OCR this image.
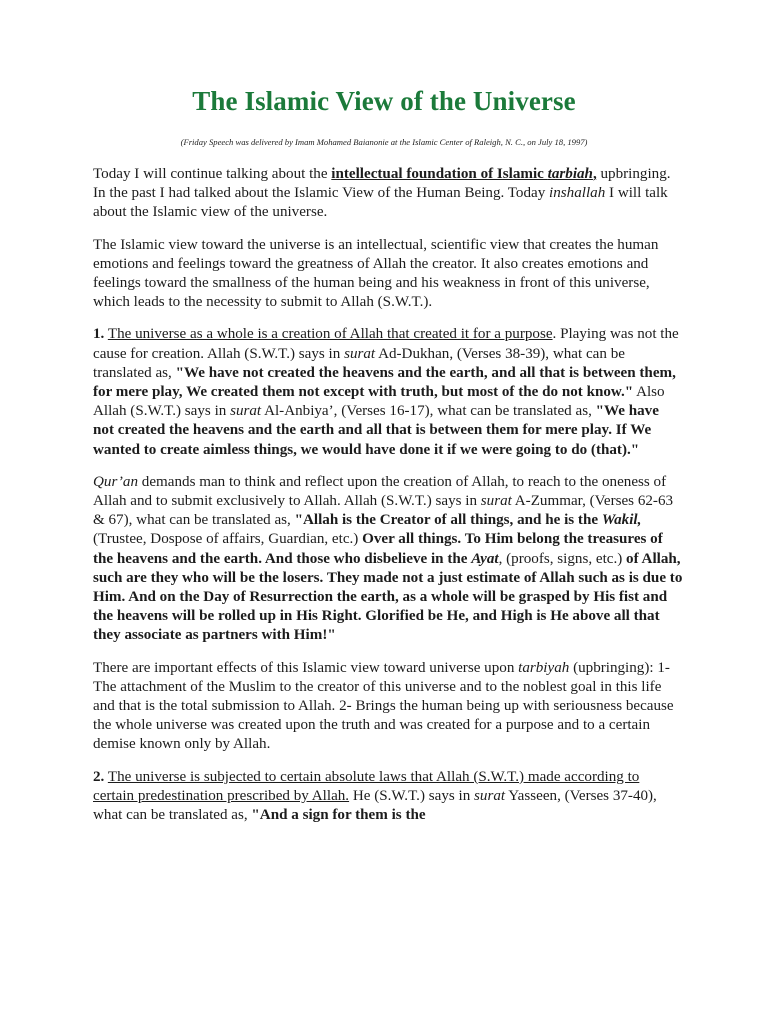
The Islamic View of the Universe
(Friday Speech was delivered by Imam Mohamed Baianonie at the Islamic Center of Raleigh, N. C., on July 18, 1997)

Today I will continue talking about the intellectual foundation of Islamic tarbiah, upbringing. In the past I had talked about the Islamic View of the Human Being. Today inshallah I will talk about the Islamic view of the universe.

The Islamic view toward the universe is an intellectual, scientific view that creates the human emotions and feelings toward the greatness of Allah the creator. It also creates emotions and feelings toward the smallness of the human being and his weakness in front of this universe, which leads to the necessity to submit to Allah (S.W.T.).

1. The universe as a whole is a creation of Allah that created it for a purpose. Playing was not the cause for creation. Allah (S.W.T.) says in surat Ad-Dukhan, (Verses 38-39), what can be translated as, "We have not created the heavens and the earth, and all that is between them, for mere play, We created them not except with truth, but most of the do not know." Also Allah (S.W.T.) says in surat Al-Anbiya’, (Verses 16-17), what can be translated as, "We have not created the heavens and the earth and all that is between them for mere play. If We wanted to create aimless things, we would have done it if we were going to do (that)."

Qur’an demands man to think and reflect upon the creation of Allah, to reach to the oneness of Allah and to submit exclusively to Allah. Allah (S.W.T.) says in surat A-Zummar, (Verses 62-63 & 67), what can be translated as, "Allah is the Creator of all things, and he is the Wakil, (Trustee, Dospose of affairs, Guardian, etc.) Over all things. To Him belong the treasures of the heavens and the earth. And those who disbelieve in the Ayat, (proofs, signs, etc.) of Allah, such are they who will be the losers. They made not a just estimate of Allah such as is due to Him. And on the Day of Resurrection the earth, as a whole will be grasped by His fist and the heavens will be rolled up in His Right. Glorified be He, and High is He above all that they associate as partners with Him!"

There are important effects of this Islamic view toward universe upon tarbiyah (upbringing): 1- The attachment of the Muslim to the creator of this universe and to the noblest goal in this life and that is the total submission to Allah. 2- Brings the human being up with seriousness because the whole universe was created upon the truth and was created for a purpose and to a certain demise known only by Allah.

2. The universe is subjected to certain absolute laws that Allah (S.W.T.) made according to certain predestination prescribed by Allah. He (S.W.T.) says in surat Yasseen, (Verses 37-40), what can be translated as, "And a sign for them is the
